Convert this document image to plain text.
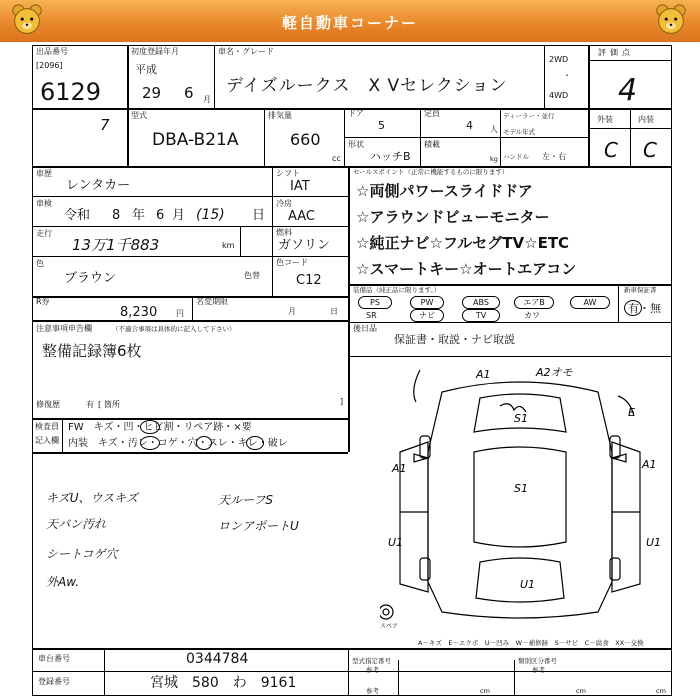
軽自動車コーナー
出品番号
[2096]
6129
初度登録年月
平成
29 6 月
車名・グレード
デイズルークス　X Vセレクション
2WD
・
4WD
評価点
4
型式
DBA-B21A
7
排気量
660
cc
ドア
5
定員
4 人
ディーラー・並行
モデル年式
形状
ハッチB
積載
kg ハンドル 左・右
外装	内装
C C
車歴
レンタカー
車検
令和 8 年 6 月 (15) 日
走行
13万1千883	km
色
ブラウン	色替
シフト
IAT
冷房
AAC
燃料
ガソリン
色コード
C12
R券
8,230 円
名変期限
月	日
注意事項申告欄	（不適合事項は具体的に記入して下さい）
整備記録簿6枚
修復歴	有 [ 箇所	]
検査員
記入欄
FW　キズ・凹・ヒビ割・リペア跡・×要
内装　キズ・汚レ・コゲ・穴・スレ・キレ・破レ
セールスポイント（正常に機能するものに限ります）
☆両側パワースライドドア
☆アラウンドビューモニター
☆純正ナビ☆フルセグTV☆ETC
☆スマートキー☆オートエアコン
装備品（純正品に限ります。）	新車保証書
有・無
PS	PW	ABS	エアB	AW
SR	ナビ	TV	カワ
後日品
保証書・取説・ナビ取説
A1	A2オモ
E
S1
A1	A1
S1
U1	U1
U1
スペア
A－キズ　E－エクボ　U－凹み　W－補修跡　S－サビ　C－腐食　XX－交換
キズU、ウスキズ
天バン汚れ
シートコゲ穴
外Aw.
天ルーフS
ロンアポートU
車台番号	0344784
登録番号	宮城　580　わ　9161
型式指定番号
参考
類別区分番号
参考
参考	cm	cm	cm
